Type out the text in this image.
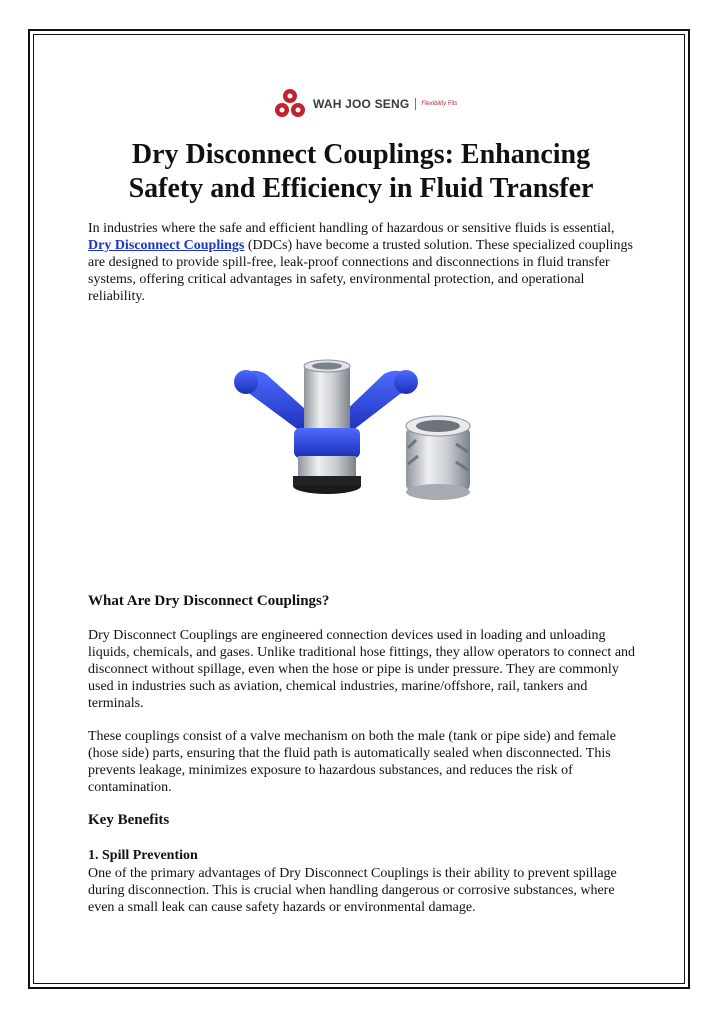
WAH JOO SENG Flexibility Fits
Dry Disconnect Couplings: Enhancing
Safety and Efficiency in Fluid Transfer

In industries where the safe and efficient handling of hazardous or sensitive fluids is essential, Dry Disconnect Couplings (DDCs) have become a trusted solution. These specialized couplings are designed to provide spill-free, leak-proof connections and disconnections in fluid transfer systems, offering critical advantages in safety, environmental protection, and operational reliability.

What Are Dry Disconnect Couplings?

Dry Disconnect Couplings are engineered connection devices used in loading and unloading liquids, chemicals, and gases. Unlike traditional hose fittings, they allow operators to connect and disconnect without spillage, even when the hose or pipe is under pressure. They are commonly used in industries such as aviation, chemical industries, marine/offshore, rail, tankers and terminals.

These couplings consist of a valve mechanism on both the male (tank or pipe side) and female (hose side) parts, ensuring that the fluid path is automatically sealed when disconnected. This prevents leakage, minimizes exposure to hazardous substances, and reduces the risk of contamination.

Key Benefits
1. Spill Prevention

One of the primary advantages of Dry Disconnect Couplings is their ability to prevent spillage during disconnection. This is crucial when handling dangerous or corrosive substances, where even a small leak can cause safety hazards or environmental damage.
